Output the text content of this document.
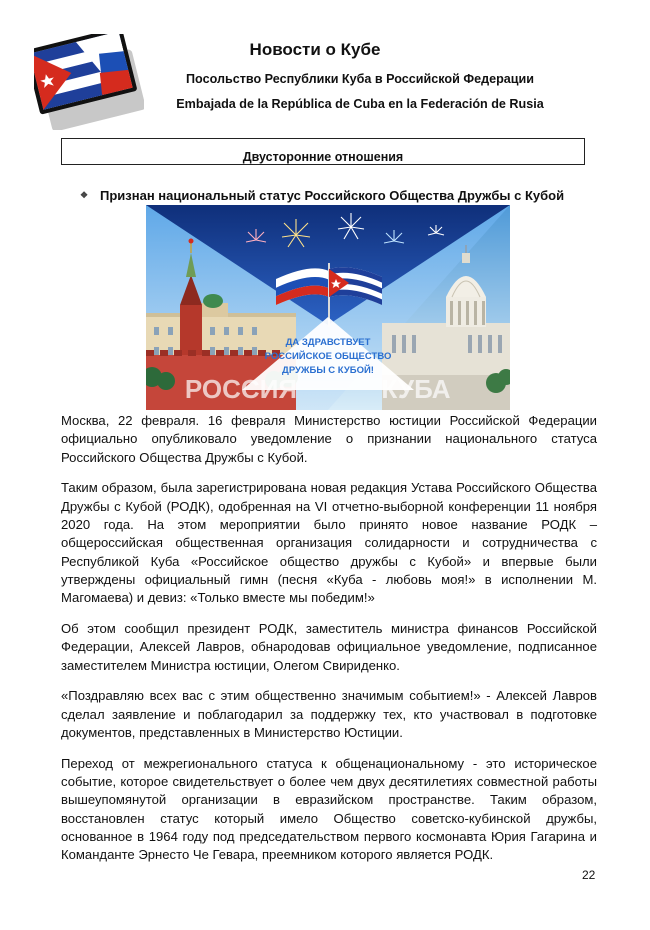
Новости о Кубе
Посольство Республики Куба в Российской Федерации
Embajada de la República de Cuba en la Federación de Rusia
Двусторонние отношения
❖ Признан национальный статус Российского Общества Дружбы с Кубой
ДА ЗДРАВСТВУЕТ
РОССИЙСКОЕ ОБЩЕСТВО
ДРУЖБЫ С КУБОЙ!
РОССИЯ	КУБА

Москва, 22 февраля. 16 февраля Министерство юстиции Российской Федерации официально опубликовало уведомление о признании национального статуса Российского Общества Дружбы с Кубой.

Таким образом, была зарегистрирована новая редакция Устава Российского Общества Дружбы с Кубой (РОДК), одобренная на VI отчетно-выборной конференции 11 ноября 2020 года. На этом мероприятии было принято новое название РОДК – общероссийская общественная организация солидарности и сотрудничества с Республикой Куба «Российское общество дружбы с Кубой» и впервые были утверждены официальный гимн (песня «Куба - любовь моя!» в исполнении М. Магомаева) и девиз: «Только вместе мы победим!»

Об этом сообщил президент РОДК, заместитель министра финансов Российской Федерации, Алексей Лавров, обнародовав официальное уведомление, подписанное заместителем Министра юстиции, Олегом Свириденко.

«Поздравляю всех вас с этим общественно значимым событием!» - Алексей Лавров сделал заявление и поблагодарил за поддержку тех, кто участвовал в подготовке документов, представленных в Министерство Юстиции.

Переход от межрегионального статуса к общенациональному - это историческое событие, которое свидетельствует о более чем двух десятилетиях совместной работы вышеупомянутой организации в евразийском пространстве. Таким образом, восстановлен статус который имело Общество советско-кубинской дружбы, основанное в 1964 году под председательством первого космонавта Юрия Гагарина и Команданте Эрнесто Че Гевара, преемником которого является РОДК.

22
